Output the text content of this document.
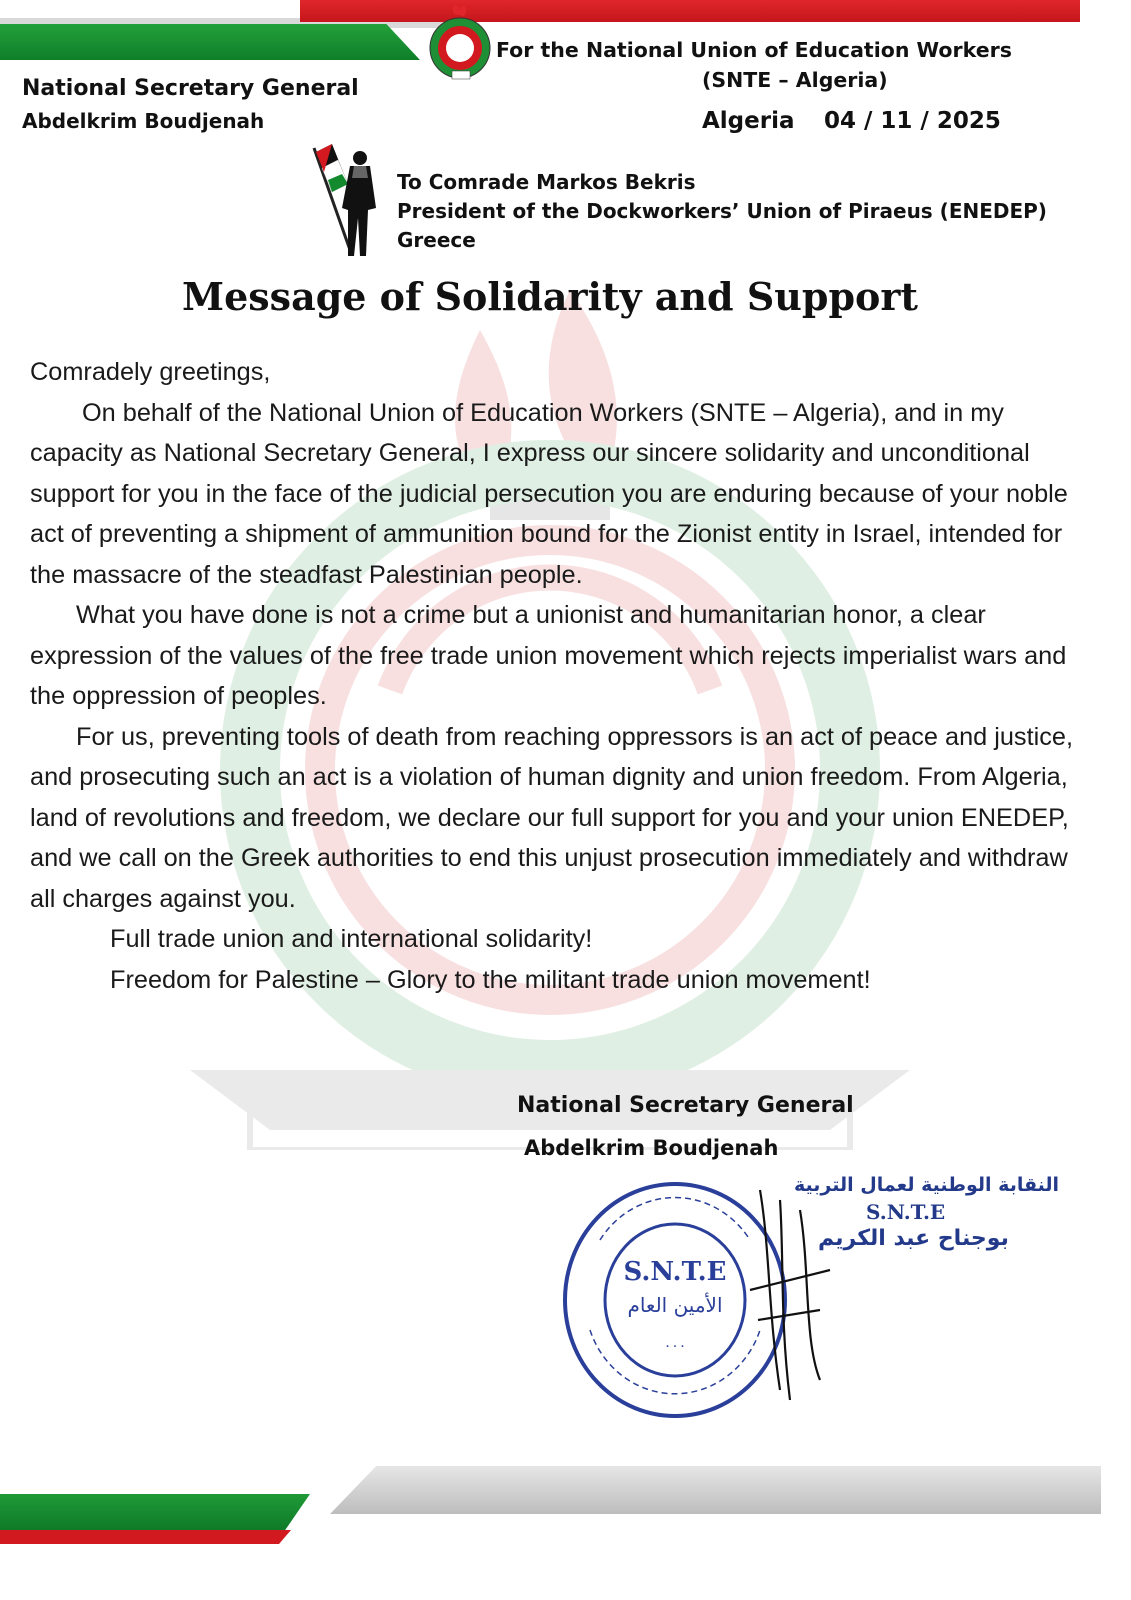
National Secretary General
Abdelkrim Boudjenah
For the National Union of Education Workers
(SNTE – Algeria)
Algeria 04 / 11 / 2025
To Comrade Markos Bekris
President of the Dockworkers’ Union of Piraeus (ENEDEP)
Greece
Message of Solidarity and Support

Comradely greetings,

On behalf of the National Union of Education Workers (SNTE – Algeria), and in my capacity as National Secretary General, I express our sincere solidarity and unconditional support for you in the face of the judicial persecution you are enduring because of your noble act of preventing a shipment of ammunition bound for the Zionist entity in Israel, intended for the massacre of the steadfast Palestinian people.

What you have done is not a crime but a unionist and humanitarian honor, a clear expression of the values of the free trade union movement which rejects imperialist wars and the oppression of peoples.

For us, preventing tools of death from reaching oppressors is an act of peace and justice, and prosecuting such an act is a violation of human dignity and union freedom. From Algeria, land of revolutions and freedom, we declare our full support for you and your union ENEDEP, and we call on the Greek authorities to end this unjust prosecution immediately and withdraw all charges against you.

Full trade union and international solidarity!

Freedom for Palestine – Glory to the militant trade union movement!

National Secretary General
Abdelkrim Boudjenah
S.N.T.E
الأمين العام
٠٠٠
النقابة الوطنية لعمال التربية
S.N.T.E
بوجناح عبد الكريم
